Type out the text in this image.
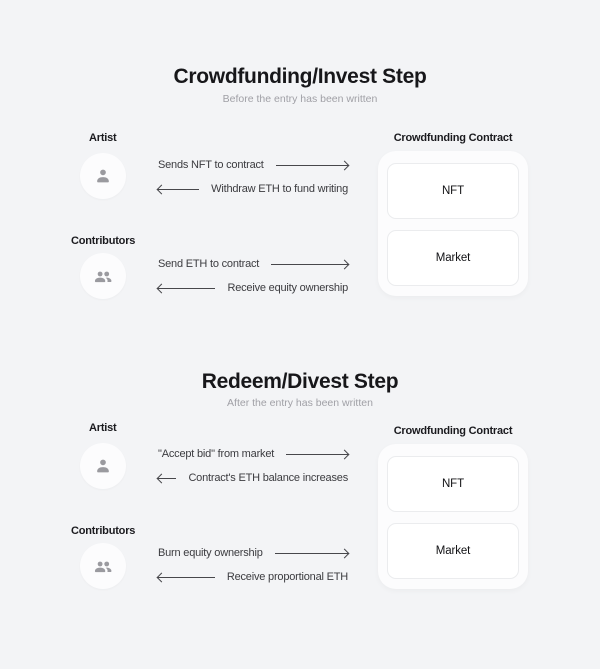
Crowdfunding/Invest Step

Before the entry has been written

Artist
Sends NFT to contract
Withdraw ETH to fund writing
Contributors
Send ETH to contract
Receive equity ownership
Crowdfunding Contract
NFT
Market
Redeem/Divest Step

After the entry has been written

Artist
"Accept bid" from market
Contract's ETH balance increases
Contributors
Burn equity ownership
Receive proportional ETH
Crowdfunding Contract
NFT
Market
